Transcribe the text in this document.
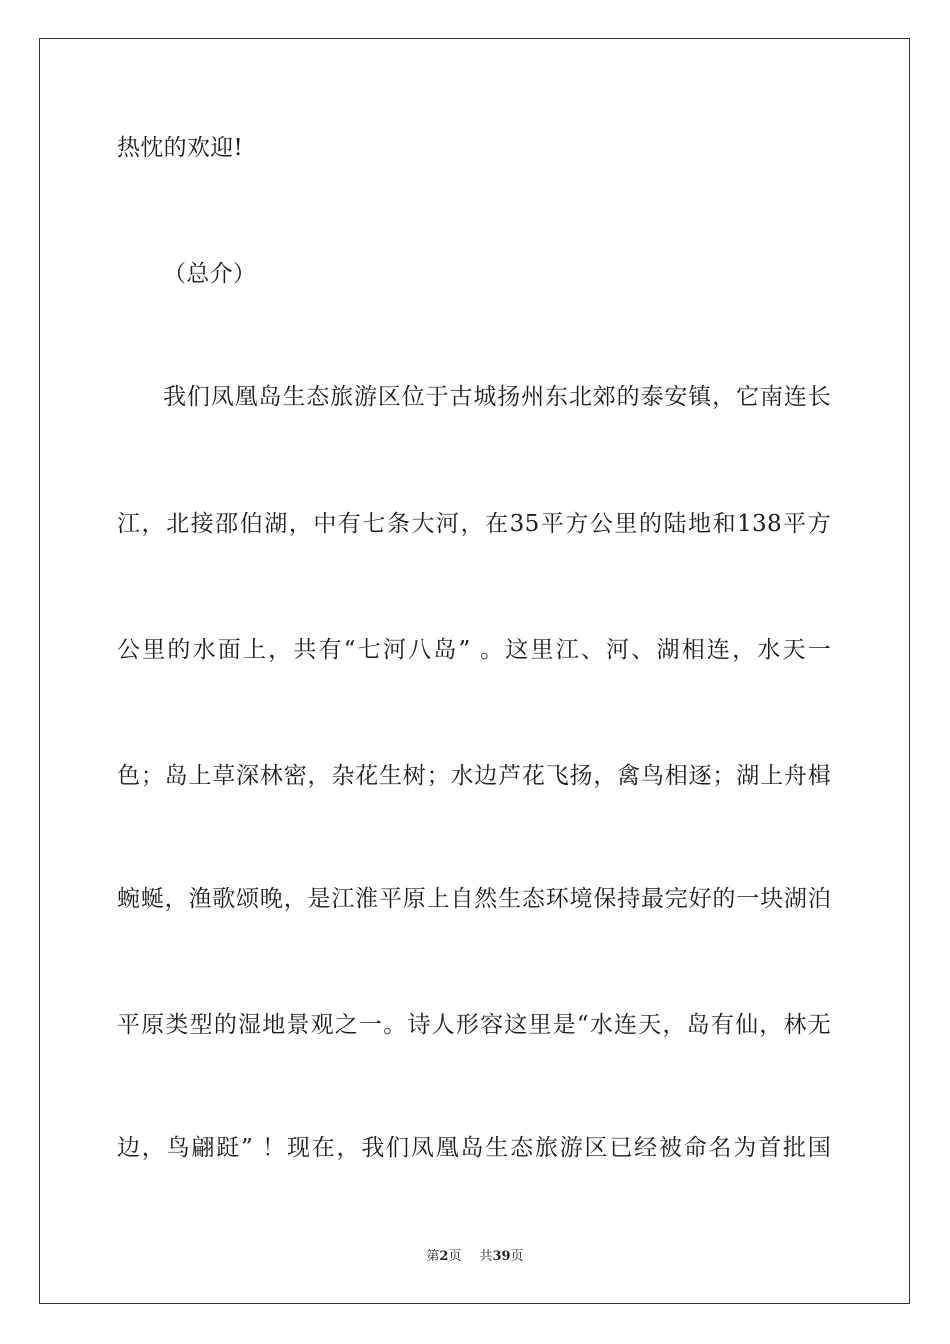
热忱的欢迎!
（总介）
我们凤凰岛生态旅游区位于古城扬州东北郊的泰安镇，它南连长
江，北接邵伯湖，中有七条大河，在35平方公里的陆地和138平方
公里的水面上，共有“七河八岛” 。这里江、河、湖相连，水天一
色；岛上草深林密，杂花生树；水边芦花飞扬，禽鸟相逐；湖上舟楫
蜿蜒，渔歌颂晚，是江淮平原上自然生态环境保持最完好的一块湖泊
平原类型的湿地景观之一。诗人形容这里是“水连天，岛有仙，林无
边，鸟翩跹” ！现在，我们凤凰岛生态旅游区已经被命名为首批国
第2页 共39页
